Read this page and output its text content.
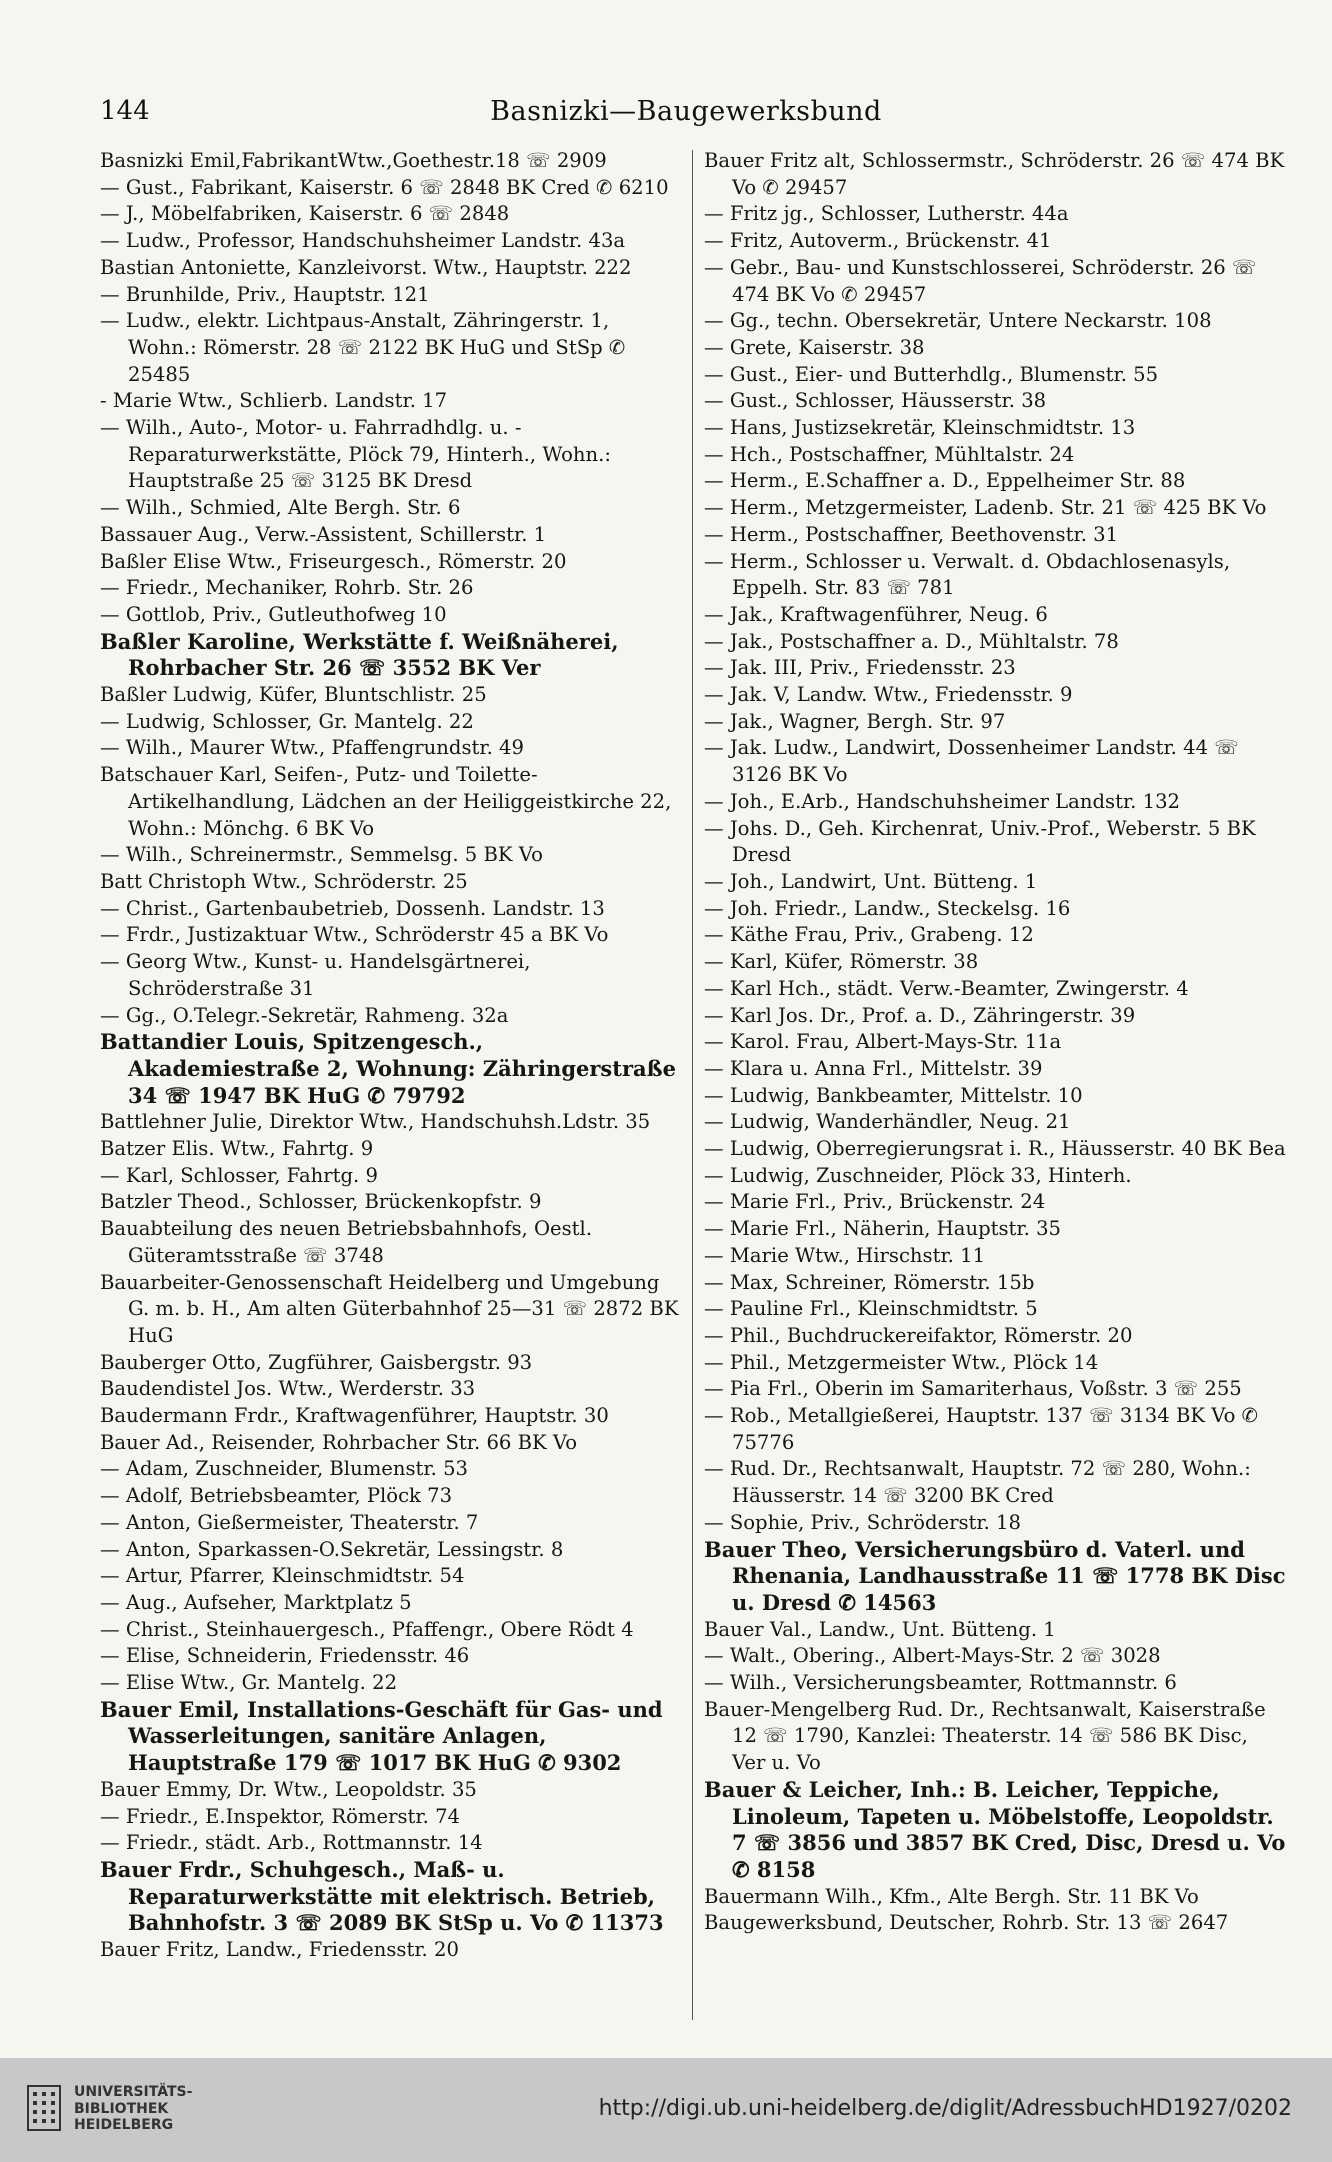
144	Basnizki—Baugewerksbund
Basnizki Emil,FabrikantWtw.,Goethestr.18 ☏ 2909
— Gust., Fabrikant, Kaiserstr. 6 ☏ 2848 BK Cred ✆ 6210
— J., Möbelfabriken, Kaiserstr. 6 ☏ 2848
— Ludw., Professor, Handschuhsheimer Landstr. 43a
Bastian Antoniette, Kanzleivorst. Wtw., Hauptstr. 222
— Brunhilde, Priv., Hauptstr. 121
— Ludw., elektr. Lichtpaus-Anstalt, Zähringerstr. 1, Wohn.: Römerstr. 28 ☏ 2122 BK HuG und StSp ✆ 25485
- Marie Wtw., Schlierb. Landstr. 17
— Wilh., Auto-, Motor- u. Fahrradhdlg. u. -Reparaturwerkstätte, Plöck 79, Hinterh., Wohn.: Hauptstraße 25 ☏ 3125 BK Dresd
— Wilh., Schmied, Alte Bergh. Str. 6
Bassauer Aug., Verw.-Assistent, Schillerstr. 1
Baßler Elise Wtw., Friseurgesch., Römerstr. 20
— Friedr., Mechaniker, Rohrb. Str. 26
— Gottlob, Priv., Gutleuthofweg 10
Baßler Karoline, Werkstätte f. Weißnäherei, Rohrbacher Str. 26 ☏ 3552 BK Ver
Baßler Ludwig, Küfer, Bluntschlistr. 25
— Ludwig, Schlosser, Gr. Mantelg. 22
— Wilh., Maurer Wtw., Pfaffengrundstr. 49
Batschauer Karl, Seifen-, Putz- und Toilette-Artikelhandlung, Lädchen an der Heiliggeistkirche 22, Wohn.: Mönchg. 6 BK Vo
— Wilh., Schreinermstr., Semmelsg. 5 BK Vo
Batt Christoph Wtw., Schröderstr. 25
— Christ., Gartenbaubetrieb, Dossenh. Landstr. 13
— Frdr., Justizaktuar Wtw., Schröderstr 45 a BK Vo
— Georg Wtw., Kunst- u. Handelsgärtnerei, Schröderstraße 31
— Gg., O.Telegr.-Sekretär, Rahmeng. 32a
Battandier Louis, Spitzengesch., Akademiestraße 2, Wohnung: Zähringerstraße 34 ☏ 1947 BK HuG ✆ 79792
Battlehner Julie, Direktor Wtw., Handschuhsh.Ldstr. 35
Batzer Elis. Wtw., Fahrtg. 9
— Karl, Schlosser, Fahrtg. 9
Batzler Theod., Schlosser, Brückenkopfstr. 9
Bauabteilung des neuen Betriebsbahnhofs, Oestl. Güteramtsstraße ☏ 3748
Bauarbeiter-Genossenschaft Heidelberg und Umgebung G. m. b. H., Am alten Güterbahnhof 25—31 ☏ 2872 BK HuG
Bauberger Otto, Zugführer, Gaisbergstr. 93
Baudendistel Jos. Wtw., Werderstr. 33
Baudermann Frdr., Kraftwagenführer, Hauptstr. 30
Bauer Ad., Reisender, Rohrbacher Str. 66 BK Vo
— Adam, Zuschneider, Blumenstr. 53
— Adolf, Betriebsbeamter, Plöck 73
— Anton, Gießermeister, Theaterstr. 7
— Anton, Sparkassen-O.Sekretär, Lessingstr. 8
— Artur, Pfarrer, Kleinschmidtstr. 54
— Aug., Aufseher, Marktplatz 5
— Christ., Steinhauergesch., Pfaffengr., Obere Rödt 4
— Elise, Schneiderin, Friedensstr. 46
— Elise Wtw., Gr. Mantelg. 22
Bauer Emil, Installations-Geschäft für Gas- und Wasserleitungen, sanitäre Anlagen, Hauptstraße 179 ☏ 1017 BK HuG ✆ 9302
Bauer Emmy, Dr. Wtw., Leopoldstr. 35
— Friedr., E.Inspektor, Römerstr. 74
— Friedr., städt. Arb., Rottmannstr. 14
Bauer Frdr., Schuhgesch., Maß- u. Reparaturwerkstätte mit elektrisch. Betrieb, Bahnhofstr. 3 ☏ 2089 BK StSp u. Vo ✆ 11373
Bauer Fritz, Landw., Friedensstr. 20
Bauer Fritz alt, Schlossermstr., Schröderstr. 26 ☏ 474 BK Vo ✆ 29457
— Fritz jg., Schlosser, Lutherstr. 44a
— Fritz, Autoverm., Brückenstr. 41
— Gebr., Bau- und Kunstschlosserei, Schröderstr. 26 ☏ 474 BK Vo ✆ 29457
— Gg., techn. Obersekretär, Untere Neckarstr. 108
— Grete, Kaiserstr. 38
— Gust., Eier- und Butterhdlg., Blumenstr. 55
— Gust., Schlosser, Häusserstr. 38
— Hans, Justizsekretär, Kleinschmidtstr. 13
— Hch., Postschaffner, Mühltalstr. 24
— Herm., E.Schaffner a. D., Eppelheimer Str. 88
— Herm., Metzgermeister, Ladenb. Str. 21 ☏ 425 BK Vo
— Herm., Postschaffner, Beethovenstr. 31
— Herm., Schlosser u. Verwalt. d. Obdachlosenasyls, Eppelh. Str. 83 ☏ 781
— Jak., Kraftwagenführer, Neug. 6
— Jak., Postschaffner a. D., Mühltalstr. 78
— Jak. III, Priv., Friedensstr. 23
— Jak. V, Landw. Wtw., Friedensstr. 9
— Jak., Wagner, Bergh. Str. 97
— Jak. Ludw., Landwirt, Dossenheimer Landstr. 44 ☏ 3126 BK Vo
— Joh., E.Arb., Handschuhsheimer Landstr. 132
— Johs. D., Geh. Kirchenrat, Univ.-Prof., Weberstr. 5 BK Dresd
— Joh., Landwirt, Unt. Bütteng. 1
— Joh. Friedr., Landw., Steckelsg. 16
— Käthe Frau, Priv., Grabeng. 12
— Karl, Küfer, Römerstr. 38
— Karl Hch., städt. Verw.-Beamter, Zwingerstr. 4
— Karl Jos. Dr., Prof. a. D., Zähringerstr. 39
— Karol. Frau, Albert-Mays-Str. 11a
— Klara u. Anna Frl., Mittelstr. 39
— Ludwig, Bankbeamter, Mittelstr. 10
— Ludwig, Wanderhändler, Neug. 21
— Ludwig, Oberregierungsrat i. R., Häusserstr. 40 BK Bea
— Ludwig, Zuschneider, Plöck 33, Hinterh.
— Marie Frl., Priv., Brückenstr. 24
— Marie Frl., Näherin, Hauptstr. 35
— Marie Wtw., Hirschstr. 11
— Max, Schreiner, Römerstr. 15b
— Pauline Frl., Kleinschmidtstr. 5
— Phil., Buchdruckereifaktor, Römerstr. 20
— Phil., Metzgermeister Wtw., Plöck 14
— Pia Frl., Oberin im Samariterhaus, Voßstr. 3 ☏ 255
— Rob., Metallgießerei, Hauptstr. 137 ☏ 3134 BK Vo ✆ 75776
— Rud. Dr., Rechtsanwalt, Hauptstr. 72 ☏ 280, Wohn.: Häusserstr. 14 ☏ 3200 BK Cred
— Sophie, Priv., Schröderstr. 18
Bauer Theo, Versicherungsbüro d. Vaterl. und Rhenania, Landhausstraße 11 ☏ 1778 BK Disc u. Dresd ✆ 14563
Bauer Val., Landw., Unt. Bütteng. 1
— Walt., Obering., Albert-Mays-Str. 2 ☏ 3028
— Wilh., Versicherungsbeamter, Rottmannstr. 6
Bauer-Mengelberg Rud. Dr., Rechtsanwalt, Kaiserstraße 12 ☏ 1790, Kanzlei: Theaterstr. 14 ☏ 586 BK Disc, Ver u. Vo
Bauer & Leicher, Inh.: B. Leicher, Teppiche, Linoleum, Tapeten u. Möbelstoffe, Leopoldstr. 7 ☏ 3856 und 3857 BK Cred, Disc, Dresd u. Vo ✆ 8158
Bauermann Wilh., Kfm., Alte Bergh. Str. 11 BK Vo
Baugewerksbund, Deutscher, Rohrb. Str. 13 ☏ 2647
UNIVERSITÄTS-
BIBLIOTHEK
HEIDELBERG
http://digi.ub.uni-heidelberg.de/diglit/AdressbuchHD1927/0202
